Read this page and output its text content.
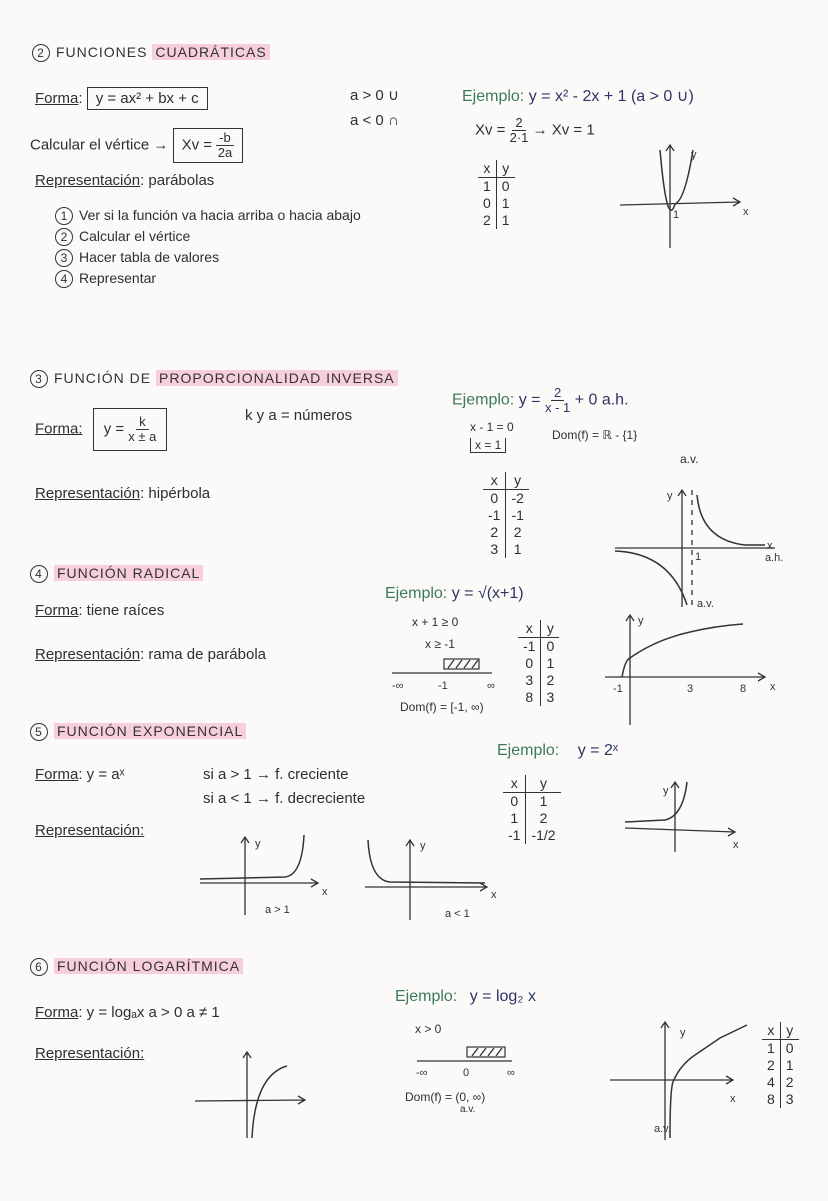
2 FUNCIONES CUADRÁTICAS
Forma: y = ax² + bx + c	a > 0 ∪
a < 0 ∩
Calcular el vértice → $Xv = \frac{-b}{2a}$
Representación: parábolas
1 Ver si la función va hacia arriba o hacia abajo
2 Calcular el vértice
3 Hacer tabla de valores
4 Representar
Ejemplo: y = x² - 2x + 1 (a > 0 ∪)
$Xv = \frac{2}{2\cdot 1} \to Xv = 1$
x	y
1	0
0	1
2	1
y
x
1
3 FUNCIÓN DE PROPORCIONALIDAD INVERSA
Forma: $y = \frac{k}{x \pm a}$	k y a = números
Representación: hipérbola
Ejemplo: $y = \frac{2}{x - 1} + 0$ a.h.
x - 1 = 0
x = 1
Dom(f) = ℝ - {1}
a.v.
x	y
0	-2
-1	-1
2	2
3	1
y
a.h.
x
1
a.v.
4 FUNCIÓN RADICAL
Forma: tiene raíces
Representación: rama de parábola
Ejemplo: y = √(x+1)
x + 1 ≥ 0
x ≥ -1
-∞	-1	∞
Dom(f) = [-1, ∞)
x	y
-1	0
0	1
3	2
8	3
y
x
-1	3	8
5 FUNCIÓN EXPONENCIAL
Forma: y = aˣ	si a > 1 → f. creciente
si a < 1 → f. decreciente
Representación:
y
x
a > 1
y
x
a < 1
Ejemplo: y = 2ˣ
x	y
0	1
1	2
-1	-1/2
y
x
6 FUNCIÓN LOGARÍTMICA
Forma: y = logₐx a > 0 a ≠ 1
Representación:
Ejemplo: y = log₂ x
x > 0
-∞	0	∞
Dom(f) = (0, ∞)
a.v.
y
x
a.v.
x	y
1	0
2	1
4	2
8	3
